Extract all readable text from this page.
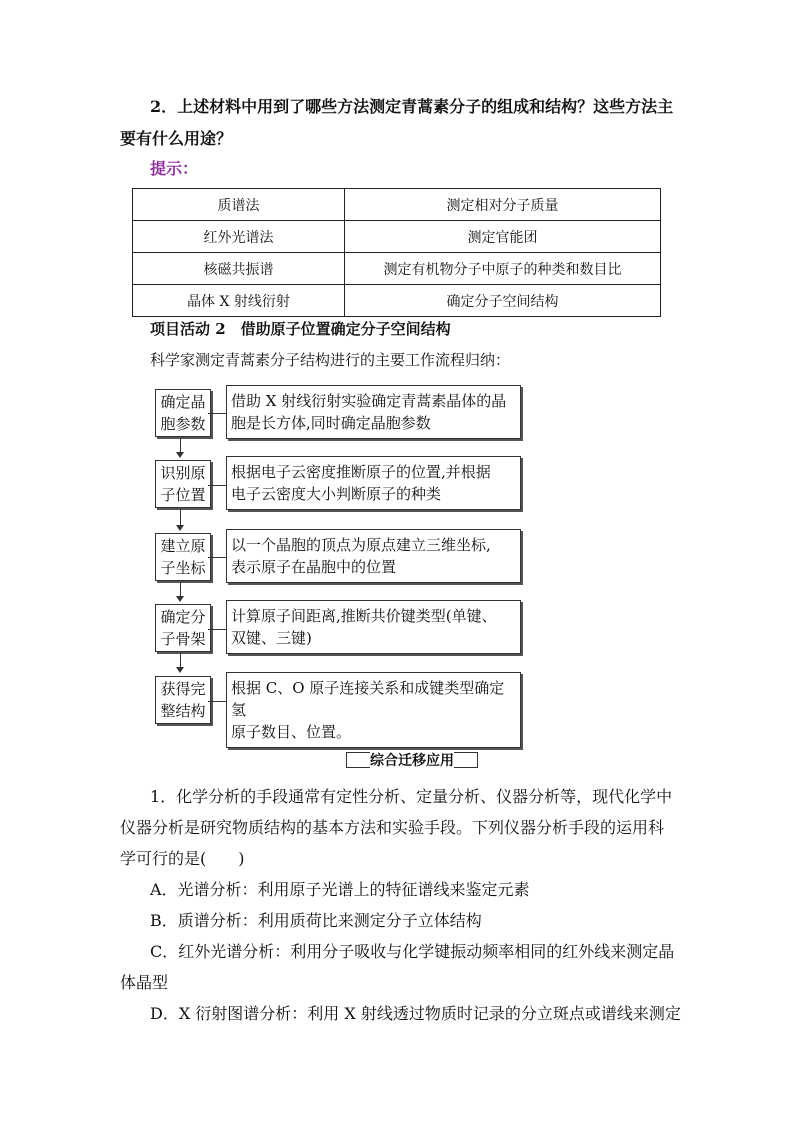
2．上述材料中用到了哪些方法测定青蒿素分子的组成和结构？这些方法主
要有什么用途？
提示：
质谱法	测定相对分子质量
红外光谱法	测定官能团
核磁共振谱	测定有机物分子中原子的种类和数目比
晶体 X 射线衍射	确定分子空间结构
项目活动 2　借助原子位置确定分子空间结构
科学家测定青蒿素分子结构进行的主要工作流程归纳：
确定晶
胞参数
借助 X 射线衍射实验确定青蒿素晶体的晶
胞是长方体,同时确定晶胞参数
识别原
子位置
根据电子云密度推断原子的位置,并根据
电子云密度大小判断原子的种类
建立原
子坐标
以一个晶胞的顶点为原点建立三维坐标,
表示原子在晶胞中的位置
确定分
子骨架
计算原子间距离,推断共价键类型(单键、
双键、三键)
获得完
整结构
根据 C、O 原子连接关系和成键类型确定氢
原子数目、位置。
综合迁移应用
1．化学分析的手段通常有定性分析、定量分析、仪器分析等，现代化学中
仪器分析是研究物质结构的基本方法和实验手段。下列仪器分析手段的运用科
学可行的是(　　)
A．光谱分析：利用原子光谱上的特征谱线来鉴定元素
B．质谱分析：利用质荷比来测定分子立体结构
C．红外光谱分析：利用分子吸收与化学键振动频率相同的红外线来测定晶
体晶型
D．X 衍射图谱分析：利用 X 射线透过物质时记录的分立斑点或谱线来测定
